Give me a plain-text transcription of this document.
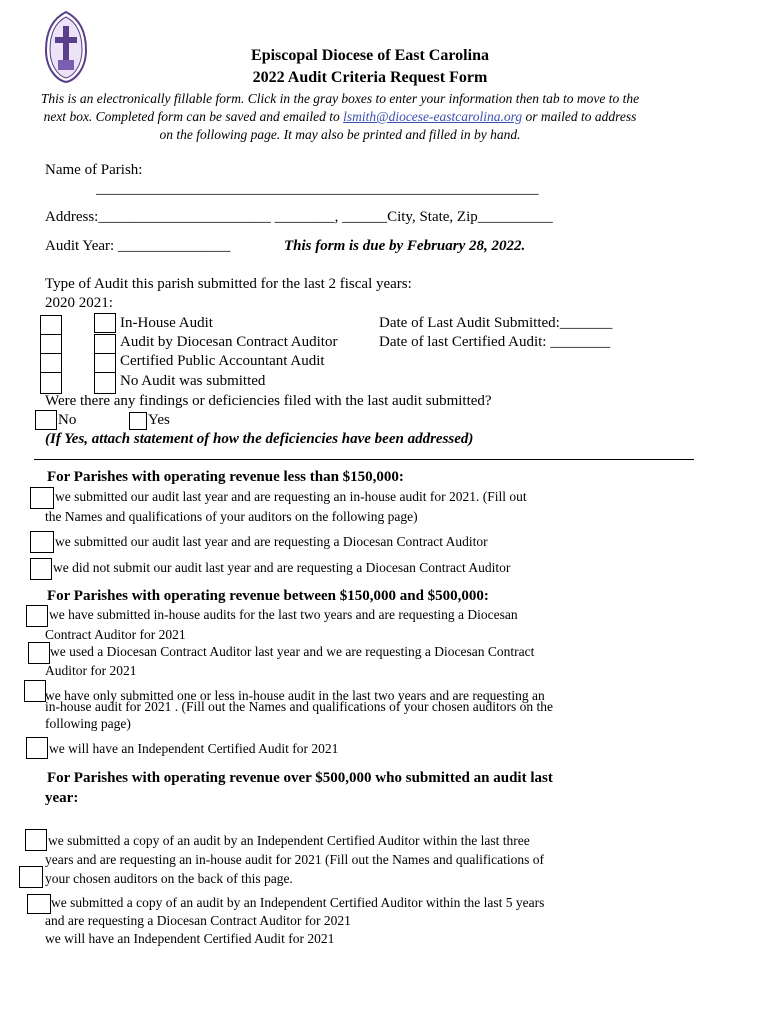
Episcopal Diocese of East Carolina
2022 Audit Criteria Request Form
This is an electronically fillable form. Click in the gray boxes to enter your information then tab to move to the next box. Completed form can be saved and emailed to lsmith@diocese-eastcarolina.org or mailed to address on the following page. It may also be printed and filled in by hand.
Name of Parish:
___________________________________________________________
Address:_______________________ ________, ______City, State, Zip__________
Audit Year: _______________	This form is due by February 28, 2022.
Type of Audit this parish submitted for the last 2 fiscal years:
2020 2021:
In-House Audit
Audit by Diocesan Contract Auditor
Certified Public Accountant Audit
No Audit was submitted
Date of Last Audit Submitted:_______
Date of last Certified Audit: ________
Were there any findings or deficiencies filed with the last audit submitted?
No	Yes
(If Yes, attach statement of how the deficiencies have been addressed)
For Parishes with operating revenue less than $150,000:
we submitted our audit last year and are requesting an in-house audit for 2021. (Fill out
the Names and qualifications of your auditors on the following page)
we submitted our audit last year and are requesting a Diocesan Contract Auditor
we did not submit our audit last year and are requesting a Diocesan Contract Auditor
For Parishes with operating revenue between $150,000 and $500,000:
we have submitted in-house audits for the last two years and are requesting a Diocesan
Contract Auditor for 2021
we used a Diocesan Contract Auditor last year and we are requesting a Diocesan Contract
Auditor for 2021
we have only submitted one or less in-house audit in the last two years and are requesting an
in-house audit for 2021 . (Fill out the Names and qualifications of your chosen auditors on the
following page)
we will have an Independent Certified Audit for 2021
For Parishes with operating revenue over $500,000 who submitted an audit last
year:
we submitted a copy of an audit by an Independent Certified Auditor within the last three
years and are requesting an in-house audit for 2021 (Fill out the Names and qualifications of
your chosen auditors on the back of this page.
we submitted a copy of an audit by an Independent Certified Auditor within the last 5 years
and are requesting a Diocesan Contract Auditor for 2021
we will have an Independent Certified Audit for 2021
